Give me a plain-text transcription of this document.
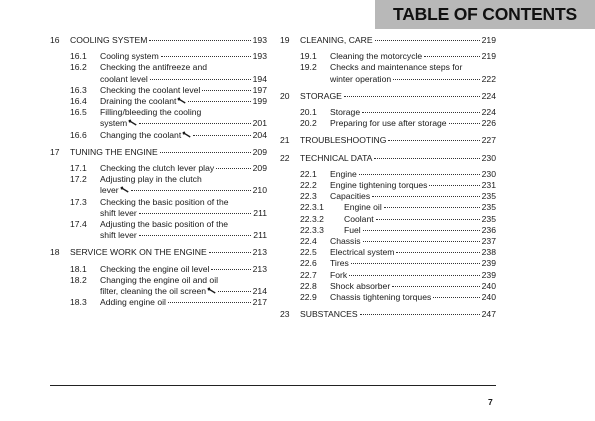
TABLE OF CONTENTS
16 COOLING SYSTEM	193
16.1 Cooling system	193
16.2 Checking the antifreeze and
coolant level	194
16.3 Checking the coolant level	197
16.4 Draining the coolant	199
16.5 Filling/bleeding the cooling
system	201
16.6 Changing the coolant	204
17 TUNING THE ENGINE	209
17.1 Checking the clutch lever play	209
17.2 Adjusting play in the clutch
lever	210
17.3 Checking the basic position of the
shift lever	211
17.4 Adjusting the basic position of the
shift lever	211
18 SERVICE WORK ON THE ENGINE	213
18.1 Checking the engine oil level	213
18.2 Changing the engine oil and oil
filter, cleaning the oil screen	214
18.3 Adding engine oil	217
19 CLEANING, CARE	219
19.1 Cleaning the motorcycle	219
19.2 Checks and maintenance steps for
winter operation	222
20 STORAGE	224
20.1 Storage	224
20.2 Preparing for use after storage	226
21 TROUBLESHOOTING	227
22 TECHNICAL DATA	230
22.1 Engine	230
22.2 Engine tightening torques	231
22.3 Capacities	235
22.3.1 Engine oil	235
22.3.2 Coolant	235
22.3.3 Fuel	236
22.4 Chassis	237
22.5 Electrical system	238
22.6 Tires	239
22.7 Fork	239
22.8 Shock absorber	240
22.9 Chassis tightening torques	240
23 SUBSTANCES	247
7
